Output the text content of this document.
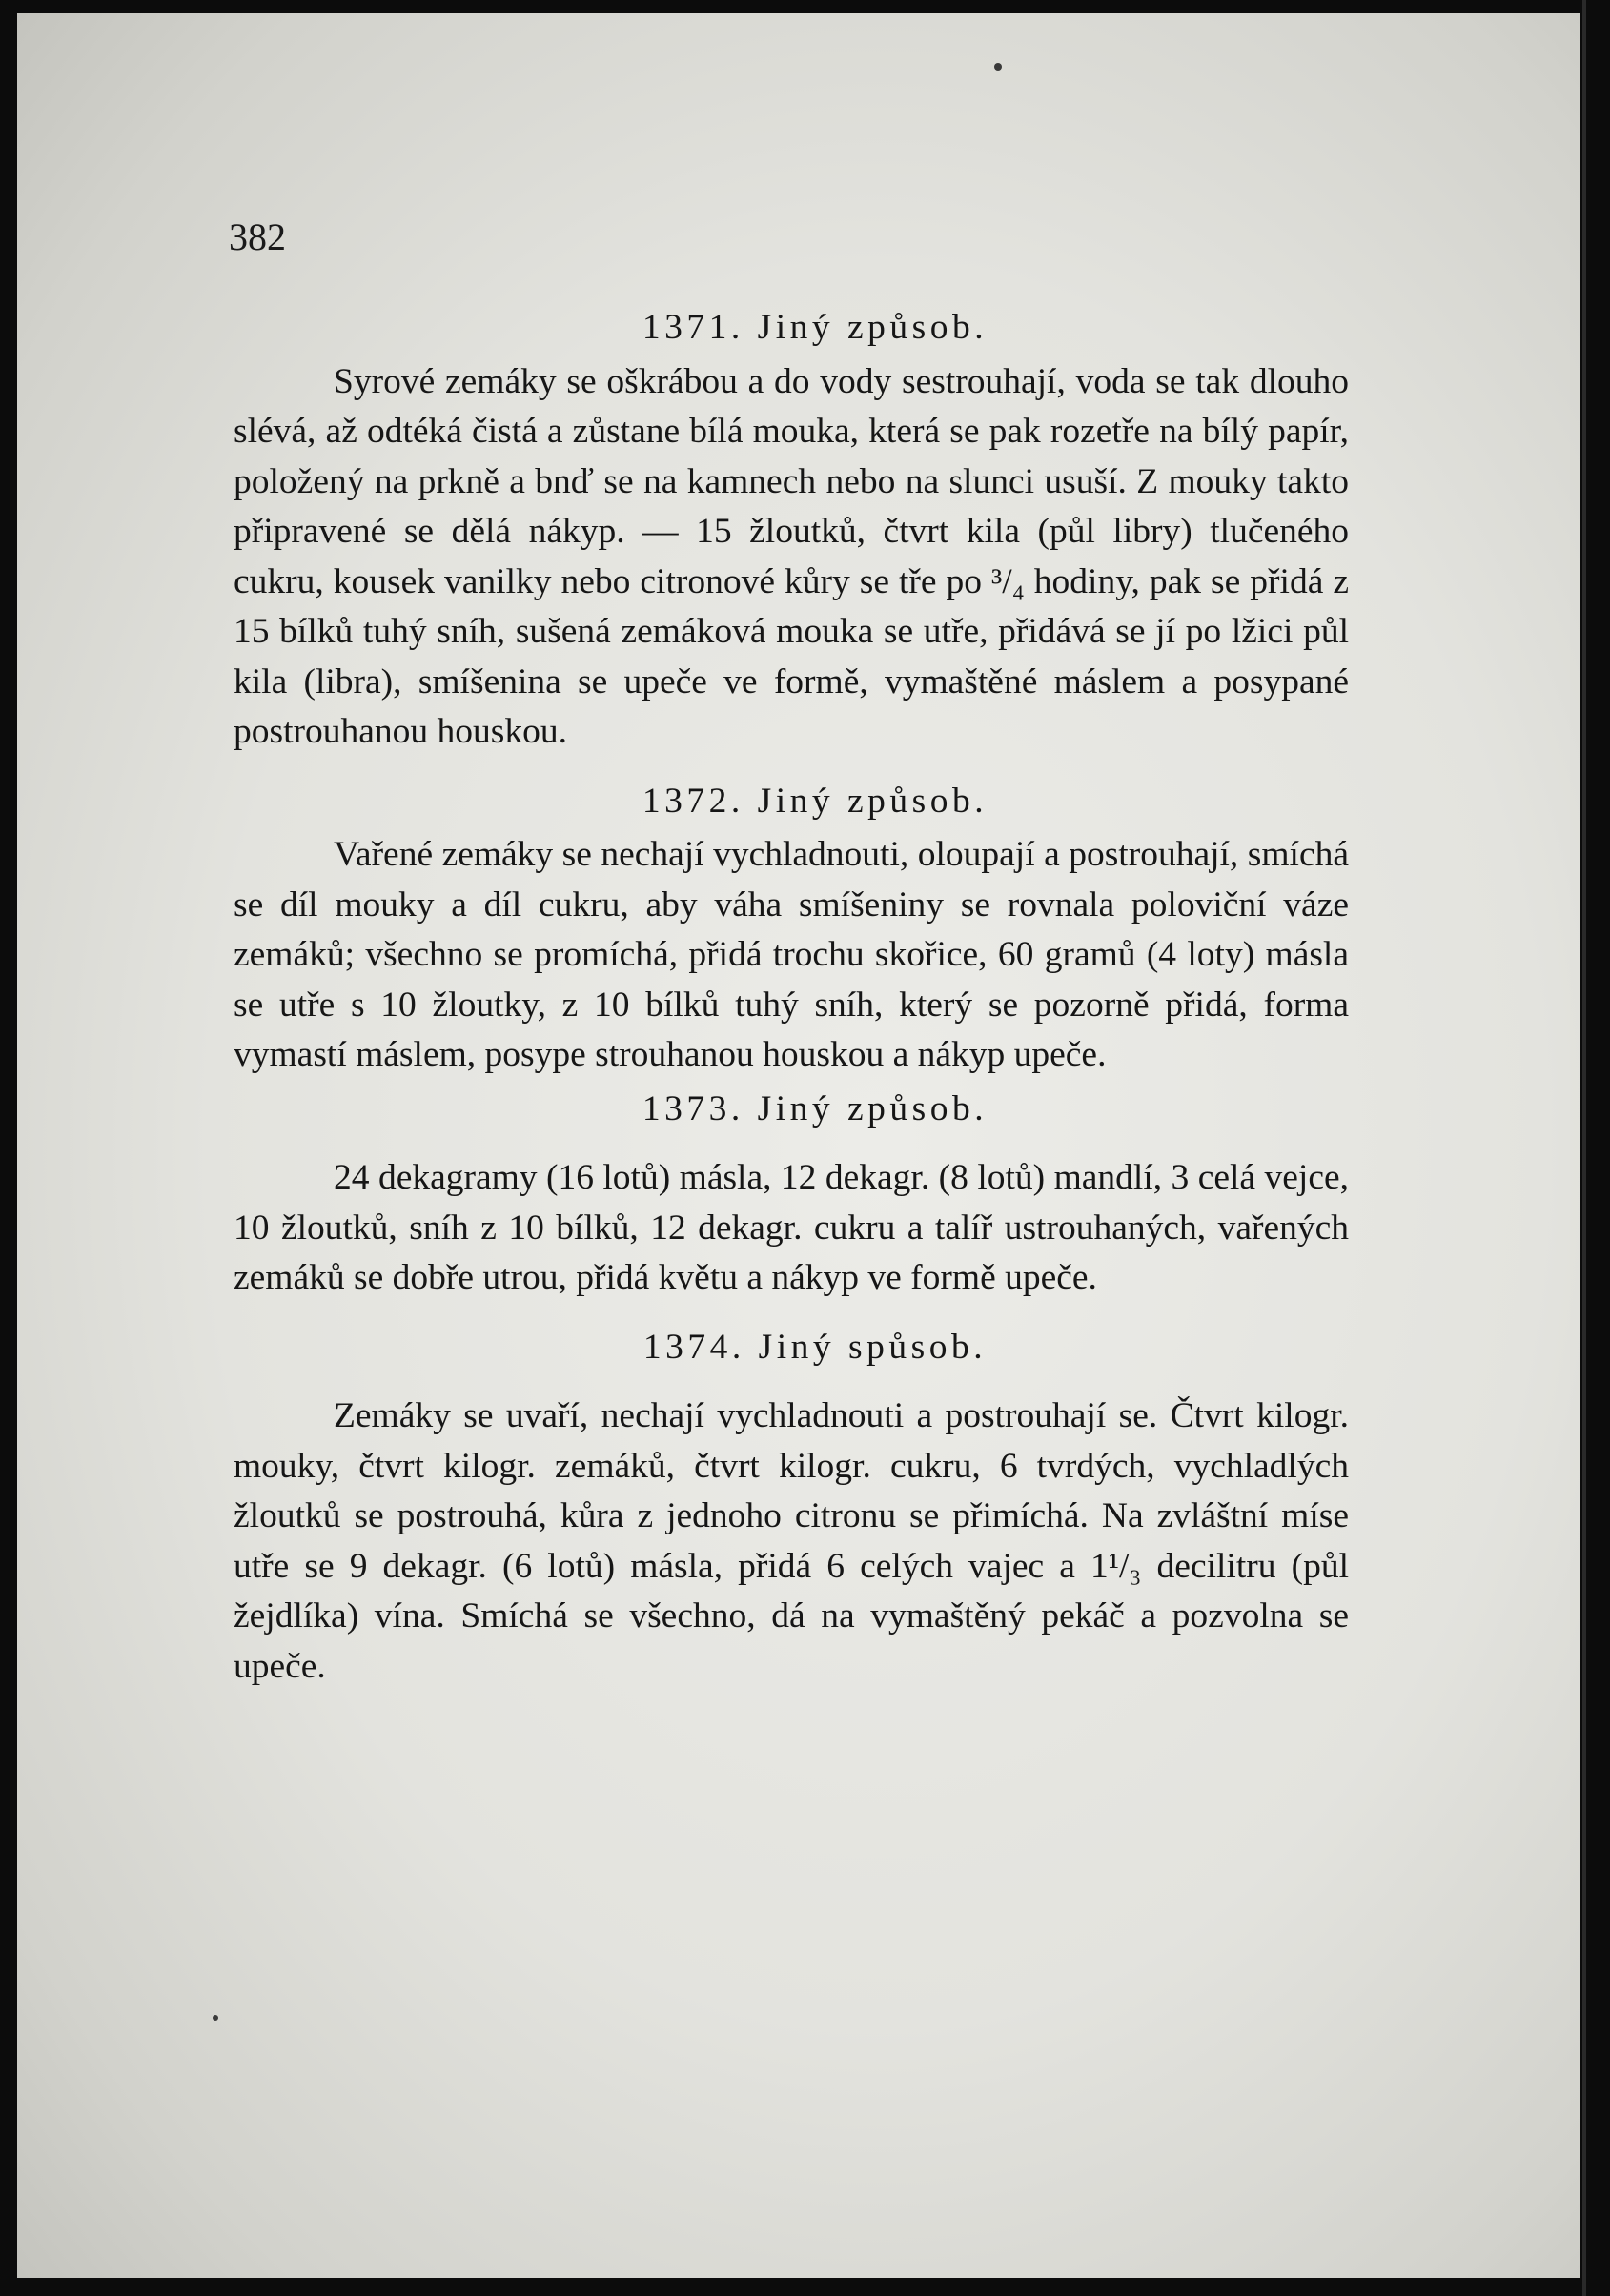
382

1371. Jiný způsob.

Syrové zemáky se oškrábou a do vody sestrouhají, voda se tak dlouho slévá, až odtéká čistá a zůstane bílá mouka, která se pak rozetře na bílý papír, položený na prkně a bnď se na kamnech nebo na slunci usuší. Z mouky takto připravené se dělá nákyp. — 15 žloutků, čtvrt kila (půl libry) tlučeného cukru, kousek vanilky nebo citronové kůry se tře po ³/₄ hodiny, pak se přidá z 15 bílků tuhý sníh, sušená zemáková mouka se utře, přidává se jí po lžici půl kila (libra), smíšenina se upeče ve formě, vymaštěné máslem a posypané postrouhanou houskou.

1372. Jiný způsob.

Vařené zemáky se nechají vychladnouti, oloupají a postrouhají, smíchá se díl mouky a díl cukru, aby váha smíšeniny se rovnala poloviční váze zemáků; všechno se promíchá, přidá trochu skořice, 60 gramů (4 loty) másla se utře s 10 žloutky, z 10 bílků tuhý sníh, který se pozorně přidá, forma vymastí máslem, posype strouhanou houskou a nákyp upeče.

1373. Jiný způsob.

24 dekagramy (16 lotů) másla, 12 dekagr. (8 lotů) mandlí, 3 celá vejce, 10 žloutků, sníh z 10 bílků, 12 dekagr. cukru a talíř ustrouhaných, vařených zemáků se dobře utrou, přidá květu a nákyp ve formě upeče.

1374. Jiný spůsob.

Zemáky se uvaří, nechají vychladnouti a postrouhají se. Čtvrt kilogr. mouky, čtvrt kilogr. zemáků, čtvrt kilogr. cukru, 6 tvrdých, vychladlých žloutků se postrouhá, kůra z jednoho citronu se přimíchá. Na zvláštní míse utře se 9 dekagr. (6 lotů) másla, přidá 6 celých vajec a 1¹/₃ decilitru (půl žejdlíka) vína. Smíchá se všechno, dá na vymaštěný pekáč a pozvolna se upeče.
